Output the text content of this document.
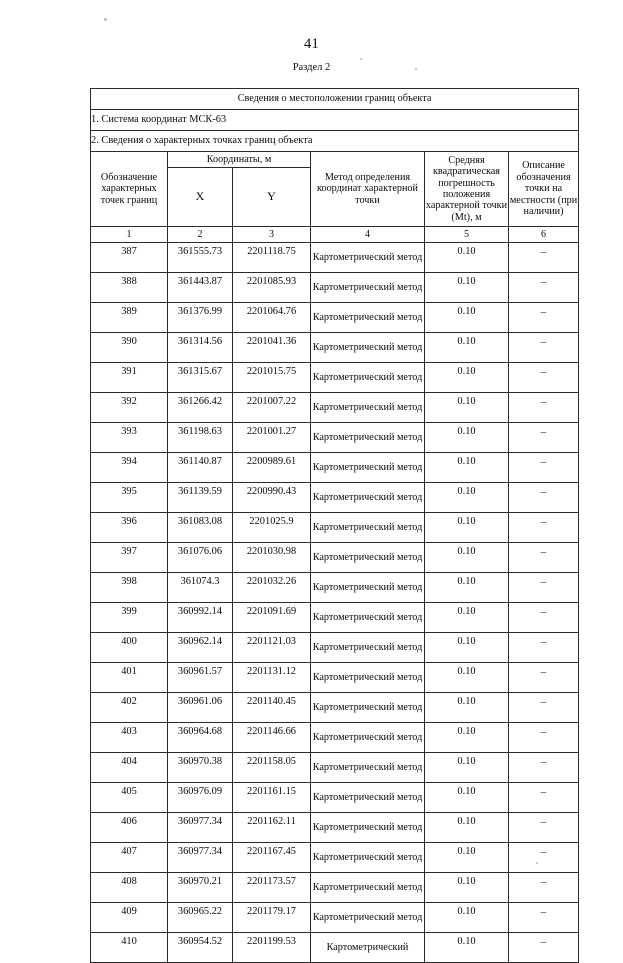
41
Раздел 2
Сведения о местоположении границ объекта					
1. Система координат МСК-63					
2. Сведения о характерных точках границ объекта					
Обозначение характерных точек границ	Координаты, м		Метод определения координат характерной точки	Средняя квадратическая погрешность положения характерной точки (Мt), м	Описание обозначения точки на местности (при наличии)
	X	Y			
1	2	3	4	5	6
387	361555.73	2201118.75	Картометрический метод	0.10	–
388	361443.87	2201085.93	Картометрический метод	0.10	–
389	361376.99	2201064.76	Картометрический метод	0.10	–
390	361314.56	2201041.36	Картометрический метод	0.10	–
391	361315.67	2201015.75	Картометрический метод	0.10	–
392	361266.42	2201007.22	Картометрический метод	0.10	–
393	361198.63	2201001.27	Картометрический метод	0.10	–
394	361140.87	2200989.61	Картометрический метод	0.10	–
395	361139.59	2200990.43	Картометрический метод	0.10	–
396	361083.08	2201025.9	Картометрический метод	0.10	–
397	361076.06	2201030.98	Картометрический метод	0.10	–
398	361074.3	2201032.26	Картометрический метод	0.10	–
399	360992.14	2201091.69	Картометрический метод	0.10	–
400	360962.14	2201121.03	Картометрический метод	0.10	–
401	360961.57	2201131.12	Картометрический метод	0.10	–
402	360961.06	2201140.45	Картометрический метод	0.10	–
403	360964.68	2201146.66	Картометрический метод	0.10	–
404	360970.38	2201158.05	Картометрический метод	0.10	–
405	360976.09	2201161.15	Картометрический метод	0.10	–
406	360977.34	2201162.11	Картометрический метод	0.10	–
407	360977.34	2201167.45	Картометрический метод	0.10	–
408	360970.21	2201173.57	Картометрический метод	0.10	–
409	360965.22	2201179.17	Картометрический метод	0.10	–
410	360954.52	2201199.53	Картометрический	0.10	–
